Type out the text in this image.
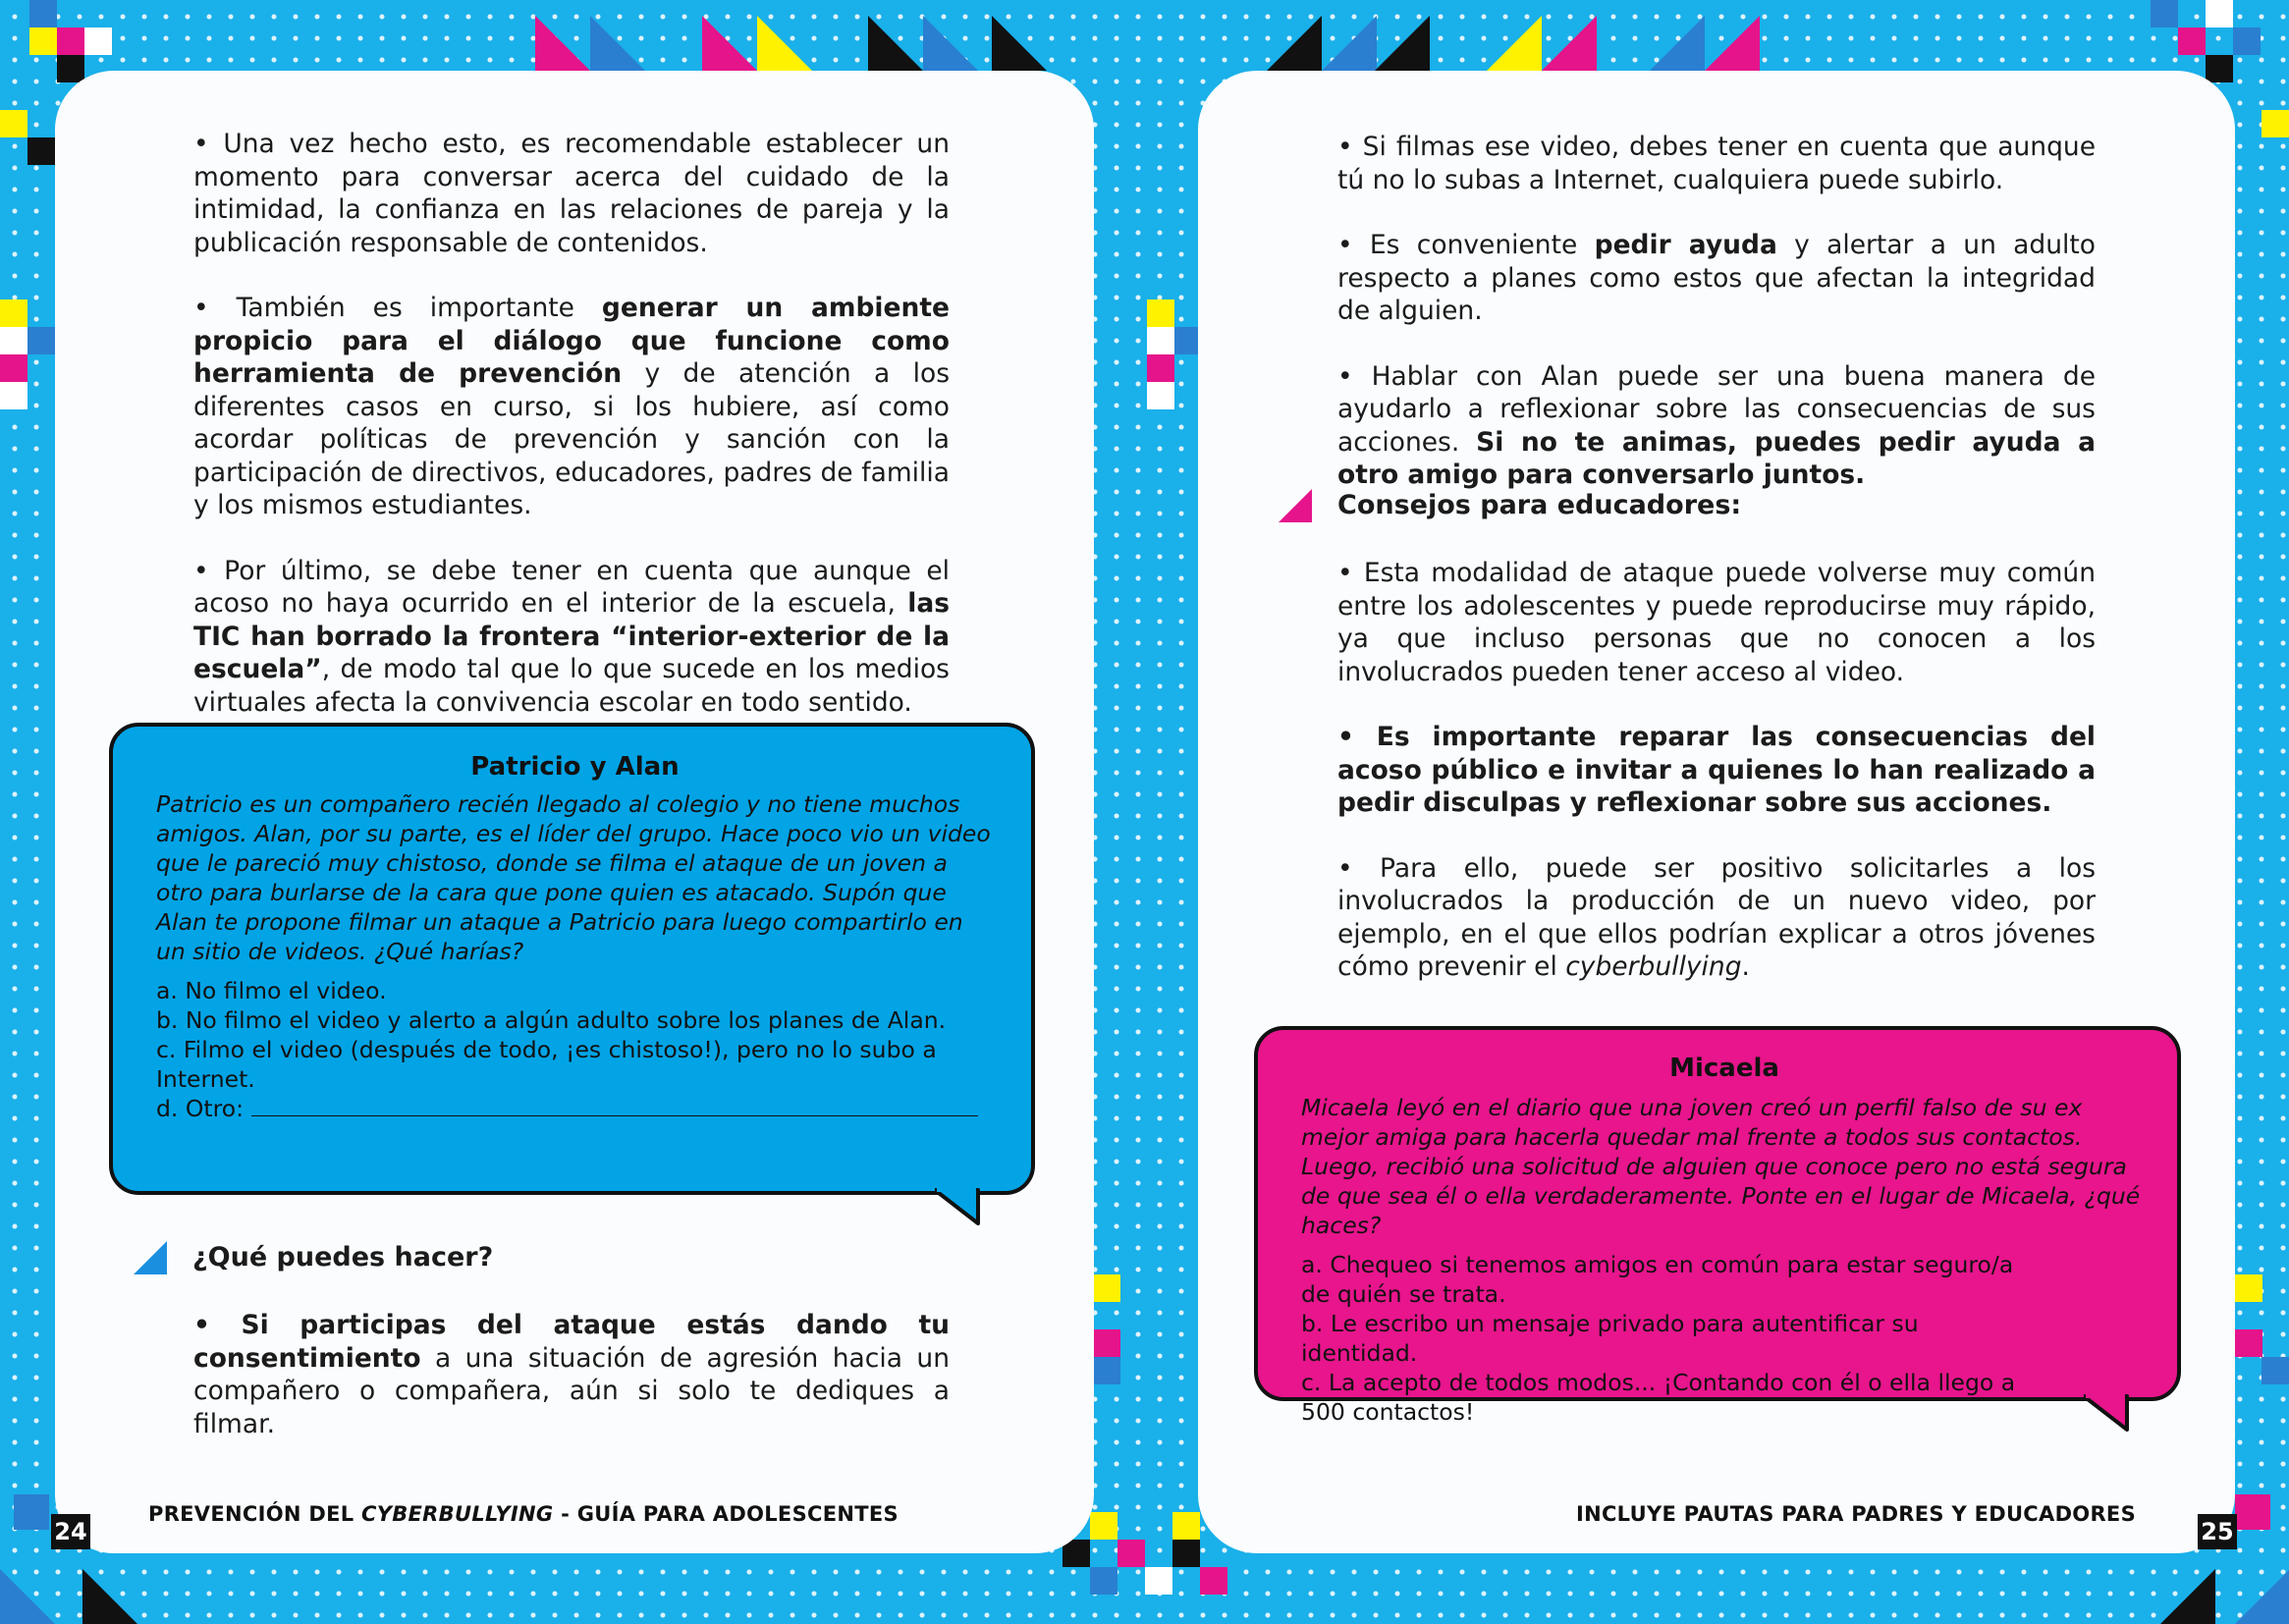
• Una vez hecho esto, es recomendable establecer un momento para conversar acerca del cuidado de la intimidad, la confianza en las relaciones de pareja y la publicación responsable de contenidos.

• También es importante generar un ambiente propicio para el diálogo que funcione como herramienta de prevención y de atención a los diferentes casos en curso, si los hubiere, así como acordar políticas de prevención y sanción con la participación de directivos, educadores, padres de familia y los mismos estudiantes.

• Por último, se debe tener en cuenta que aunque el acoso no haya ocurrido en el interior de la escuela, las TIC han borrado la frontera “interior-exterior de la escuela”, de modo tal que lo que sucede en los medios virtuales afecta la convivencia escolar en todo sentido.

Patricio y Alan

Patricio es un compañero recién llegado al colegio y no tiene muchos amigos. Alan, por su parte, es el líder del grupo. Hace poco vio un video que le pareció muy chistoso, donde se filma el ataque de un joven a otro para burlarse de la cara que pone quien es atacado. Supón que Alan te propone filmar un ataque a Patricio para luego compartirlo en un sitio de videos. ¿Qué harías?

a. No filmo el video.

b. No filmo el video y alerto a algún adulto sobre los planes de Alan.

c. Filmo el video (después de todo, ¡es chistoso!), pero no lo subo a Internet.

d. Otro:

¿Qué puedes hacer?

• Si participas del ataque estás dando tu consentimiento a una situación de agresión hacia un compañero o compañera, aún si solo te dediques a filmar.

24
PREVENCIÓN DEL CYBERBULLYING - GUÍA PARA ADOLESCENTES

• Si filmas ese video, debes tener en cuenta que aunque tú no lo subas a Internet, cualquiera puede subirlo.

• Es conveniente pedir ayuda y alertar a un adulto respecto a planes como estos que afectan la integridad de alguien.

• Hablar con Alan puede ser una buena manera de ayudarlo a reflexionar sobre las consecuencias de sus acciones. Si no te animas, puedes pedir ayuda a otro amigo para conversarlo juntos.

Consejos para educadores:

• Esta modalidad de ataque puede volverse muy común entre los adolescentes y puede reproducirse muy rápido, ya que incluso personas que no conocen a los involucrados pueden tener acceso al video.

• Es importante reparar las consecuencias del acoso público e invitar a quienes lo han realizado a pedir disculpas y reflexionar sobre sus acciones.

• Para ello, puede ser positivo solicitarles a los involucrados la producción de un nuevo video, por ejemplo, en el que ellos podrían explicar a otros jóvenes cómo prevenir el cyberbullying.

Micaela

Micaela leyó en el diario que una joven creó un perfil falso de su ex mejor amiga para hacerla quedar mal frente a todos sus contactos. Luego, recibió una solicitud de alguien que conoce pero no está segura de que sea él o ella verdaderamente. Ponte en el lugar de Micaela, ¿qué haces?

a. Chequeo si tenemos amigos en común para estar seguro/a de quién se trata.

b. Le escribo un mensaje privado para autentificar su identidad.

c. La acepto de todos modos... ¡Contando con él o ella llego a 500 contactos!

INCLUYE PAUTAS PARA PADRES Y EDUCADORES
25
